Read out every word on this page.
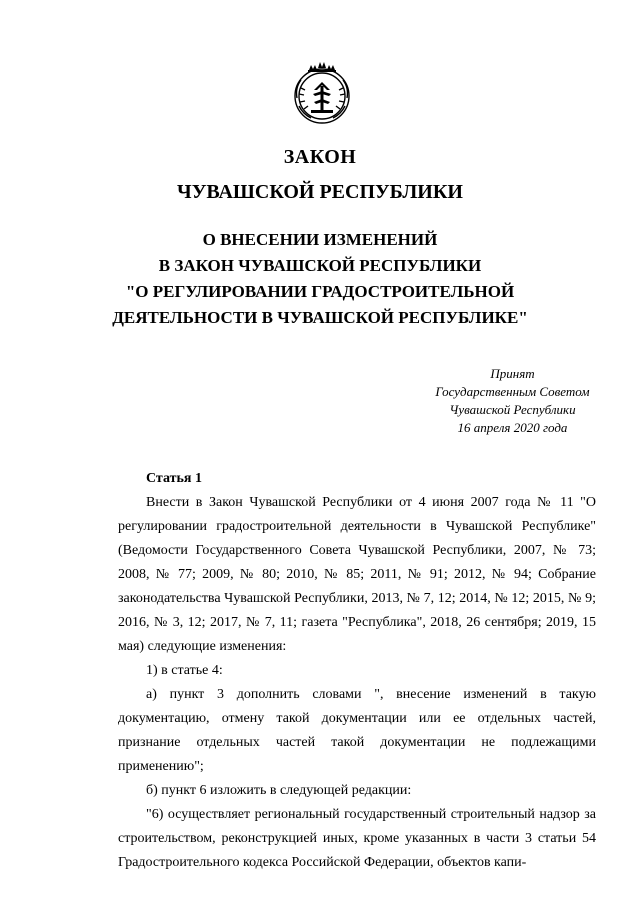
ЗАКОН
ЧУВАШСКОЙ РЕСПУБЛИКИ
О ВНЕСЕНИИ ИЗМЕНЕНИЙ
В ЗАКОН ЧУВАШСКОЙ РЕСПУБЛИКИ
"О РЕГУЛИРОВАНИИ ГРАДОСТРОИТЕЛЬНОЙ
ДЕЯТЕЛЬНОСТИ В ЧУВАШСКОЙ РЕСПУБЛИКЕ"
Принят
Государственным Советом
Чувашской Республики
16 апреля 2020 года

Статья 1

Внести в Закон Чувашской Республики от 4 июня 2007 года № 11 "О регулировании градостроительной деятельности в Чувашской Республике" (Ведомости Государственного Совета Чувашской Республики, 2007, № 73; 2008, № 77; 2009, № 80; 2010, № 85; 2011, № 91; 2012, № 94; Собрание законодательства Чувашской Республики, 2013, № 7, 12; 2014, № 12; 2015, № 9; 2016, № 3, 12; 2017, № 7, 11; газета "Республика", 2018, 26 сентября; 2019, 15 мая) следующие изменения:

1) в статье 4:

а) пункт 3 дополнить словами ", внесение изменений в такую документацию, отмену такой документации или ее отдельных частей, признание отдельных частей такой документации не подлежащими применению";

б) пункт 6 изложить в следующей редакции:

"6) осуществляет региональный государственный строительный надзор за строительством, реконструкцией иных, кроме указанных в части 3 статьи 54 Градостроительного кодекса Российской Федерации, объектов капи-
